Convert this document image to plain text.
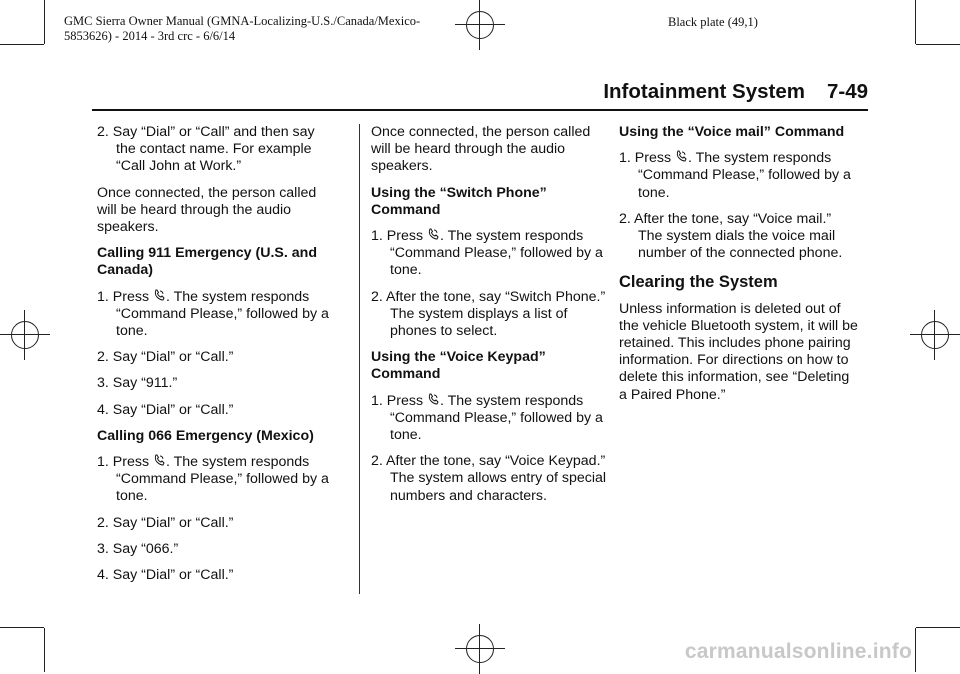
GMC Sierra Owner Manual (GMNA-Localizing-U.S./Canada/Mexico-
5853626) - 2014 - 3rd crc - 6/6/14
Black plate (49,1)
Infotainment System 7-49
2. Say “Dial” or “Call” and then say the contact name. For example “Call John at Work.”
Once connected, the person called will be heard through the audio speakers.
Calling 911 Emergency (U.S. and Canada)
1. Press . The system responds “Command Please,” followed by a tone.
2. Say “Dial” or “Call.”
3. Say “911.”
4. Say “Dial” or “Call.”
Calling 066 Emergency (Mexico)
1. Press . The system responds “Command Please,” followed by a tone.
2. Say “Dial” or “Call.”
3. Say “066.”
4. Say “Dial” or “Call.”
Once connected, the person called will be heard through the audio speakers.
Using the “Switch Phone” Command
1. Press . The system responds “Command Please,” followed by a tone.
2. After the tone, say “Switch Phone.” The system displays a list of phones to select.
Using the “Voice Keypad” Command
1. Press . The system responds “Command Please,” followed by a tone.
2. After the tone, say “Voice Keypad.” The system allows entry of special numbers and characters.
Using the “Voice mail” Command
1. Press . The system responds “Command Please,” followed by a tone.
2. After the tone, say “Voice mail.” The system dials the voice mail number of the connected phone.
Clearing the System
Unless information is deleted out of the vehicle Bluetooth system, it will be retained. This includes phone pairing information. For directions on how to delete this information, see “Deleting a Paired Phone.”
carmanualsonline.info
